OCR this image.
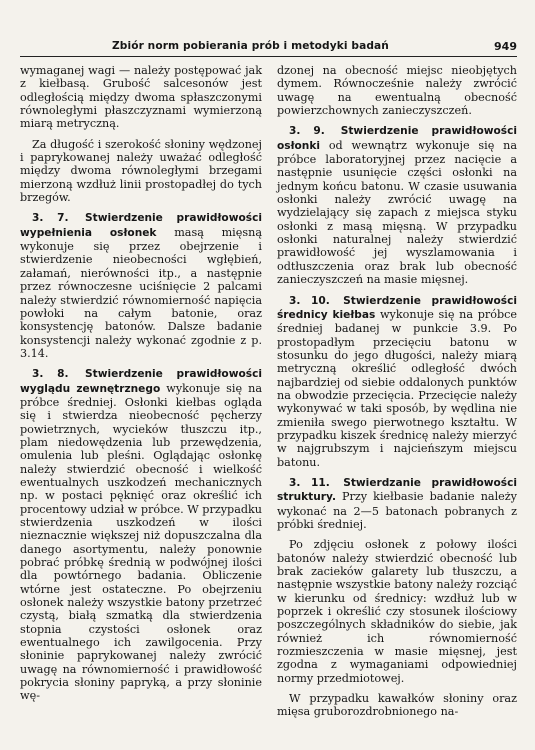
Zbiór norm pobierania prób i metodyki badań	949

wymaganej wagi — należy postępować jak z kiełbasą. Grubość salcesonów jest odległością między dwoma spłaszczonymi równoległymi płaszczyznami wymierzoną miarą metryczną.

Za długość i szerokość słoniny wędzonej i paprykowanej należy uważać odległość między dwoma równoległymi brzegami mierzoną wzdłuż linii prostopadłej do tych brzegów.

3. 7. Stwierdzenie prawidłowości wypełnienia osłonek masą mięsną wykonuje się przez obejrzenie i stwierdzenie nieobecności wgłębień, załamań, nierówności itp., a następnie przez równoczesne uciśnięcie 2 palcami należy stwierdzić równomierność napięcia powłoki na całym batonie, oraz konsystencję batonów. Dalsze badanie konsystencji należy wykonać zgodnie z p. 3.14.

3. 8. Stwierdzenie prawidłowości wyglądu zewnętrznego wykonuje się na próbce średniej. Osłonki kiełbas ogląda się i stwierdza nieobecność pęcherzy powietrznych, wycieków tłuszczu itp., plam niedowędzenia lub przewędzenia, omulenia lub pleśni. Oglądając osłonkę należy stwierdzić obecność i wielkość ewentualnych uszkodzeń mechanicznych np. w postaci pęknięć oraz określić ich procentowy udział w próbce. W przypadku stwierdzenia uszkodzeń w ilości nieznacznie większej niż dopuszczalna dla danego asortymentu, należy ponownie pobrać próbkę średnią w podwójnej ilości dla powtórnego badania. Obliczenie wtórne jest ostateczne. Po obejrzeniu osłonek należy wszystkie batony przetrzeć czystą, białą szmatką dla stwierdzenia stopnia czystości osłonek oraz ewentualnego ich zawilgocenia. Przy słoninie paprykowanej należy zwrócić uwagę na równomierność i prawidłowość pokrycia słoniny papryką, a przy słoninie wę-

dzonej na obecność miejsc nieobjętych dymem. Równocześnie należy zwrócić uwagę na ewentualną obecność powierzchownych zanieczyszczeń.

3. 9. Stwierdzenie prawidłowości osłonki od wewnątrz wykonuje się na próbce laboratoryjnej przez nacięcie a następnie usunięcie części osłonki na jednym końcu batonu. W czasie usuwania osłonki należy zwrócić uwagę na wydzielający się zapach z miejsca styku osłonki z masą mięsną. W przypadku osłonki naturalnej należy stwierdzić prawidłowość jej wyszlamowania i odtłuszczenia oraz brak lub obecność zanieczyszczeń na masie mięsnej.

3. 10. Stwierdzenie prawidłowości średnicy kiełbas wykonuje się na próbce średniej badanej w punkcie 3.9. Po prostopadłym przecięciu batonu w stosunku do jego długości, należy miarą metryczną określić odległość dwóch najbardziej od siebie oddalonych punktów na obwodzie przecięcia. Przecięcie należy wykonywać w taki sposób, by wędlina nie zmieniła swego pierwotnego kształtu. W przypadku kiszek średnicę należy mierzyć w najgrubszym i najcieńszym miejscu batonu.

3. 11. Stwierdzanie prawidłowości struktury. Przy kiełbasie badanie należy wykonać na 2—5 batonach pobranych z próbki średniej.

Po zdjęciu osłonek z połowy ilości batonów należy stwierdzić obecność lub brak zacieków galarety lub tłuszczu, a następnie wszystkie batony należy rozciąć w kierunku od średnicy: wzdłuż lub w poprzek i określić czy stosunek ilościowy poszczególnych składników do siebie, jak również ich równomierność rozmieszczenia w masie mięsnej, jest zgodna z wymaganiami odpowiedniej normy przedmiotowej.

W przypadku kawałków słoniny oraz mięsa gruborozdrobnionego na-
